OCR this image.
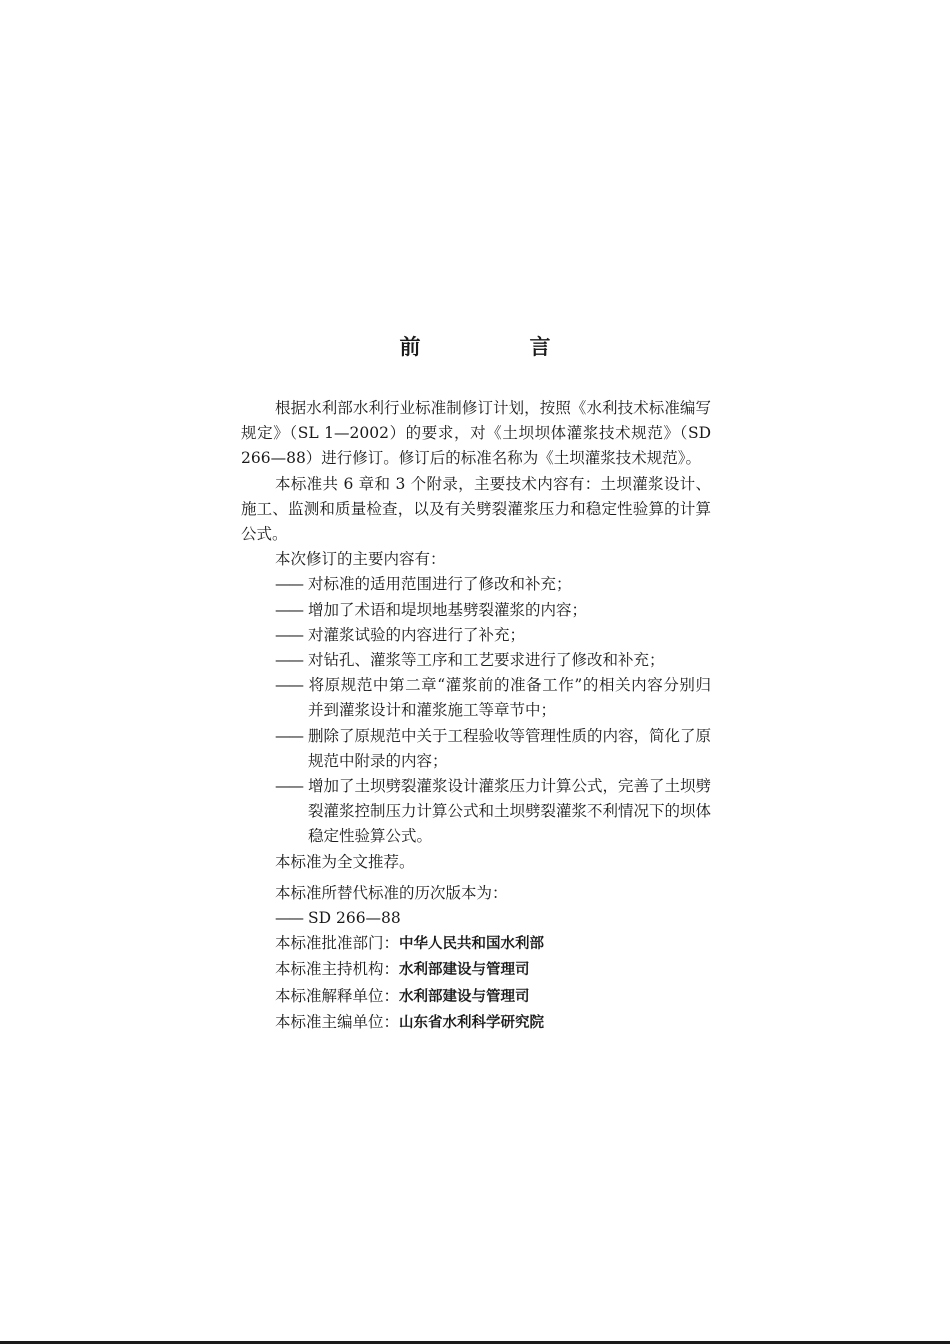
前　言

根据水利部水利行业标准制修订计划，按照《水利技术标准编写规定》（SL 1—2002）的要求，对《土坝坝体灌浆技术规范》（SD 266—88）进行修订。修订后的标准名称为《土坝灌浆技术规范》。

本标准共 6 章和 3 个附录，主要技术内容有：土坝灌浆设计、施工、监测和质量检查，以及有关劈裂灌浆压力和稳定性验算的计算公式。

本次修订的主要内容有：

—— 对标准的适用范围进行了修改和补充；

—— 增加了术语和堤坝地基劈裂灌浆的内容；

—— 对灌浆试验的内容进行了补充；

—— 对钻孔、灌浆等工序和工艺要求进行了修改和补充；

—— 将原规范中第二章“灌浆前的准备工作”的相关内容分别归并到灌浆设计和灌浆施工等章节中；

—— 删除了原规范中关于工程验收等管理性质的内容，简化了原规范中附录的内容；

—— 增加了土坝劈裂灌浆设计灌浆压力计算公式，完善了土坝劈裂灌浆控制压力计算公式和土坝劈裂灌浆不利情况下的坝体稳定性验算公式。

本标准为全文推荐。

本标准所替代标准的历次版本为：

—— SD 266—88

本标准批准部门：中华人民共和国水利部

本标准主持机构：水利部建设与管理司

本标准解释单位：水利部建设与管理司

本标准主编单位：山东省水利科学研究院
